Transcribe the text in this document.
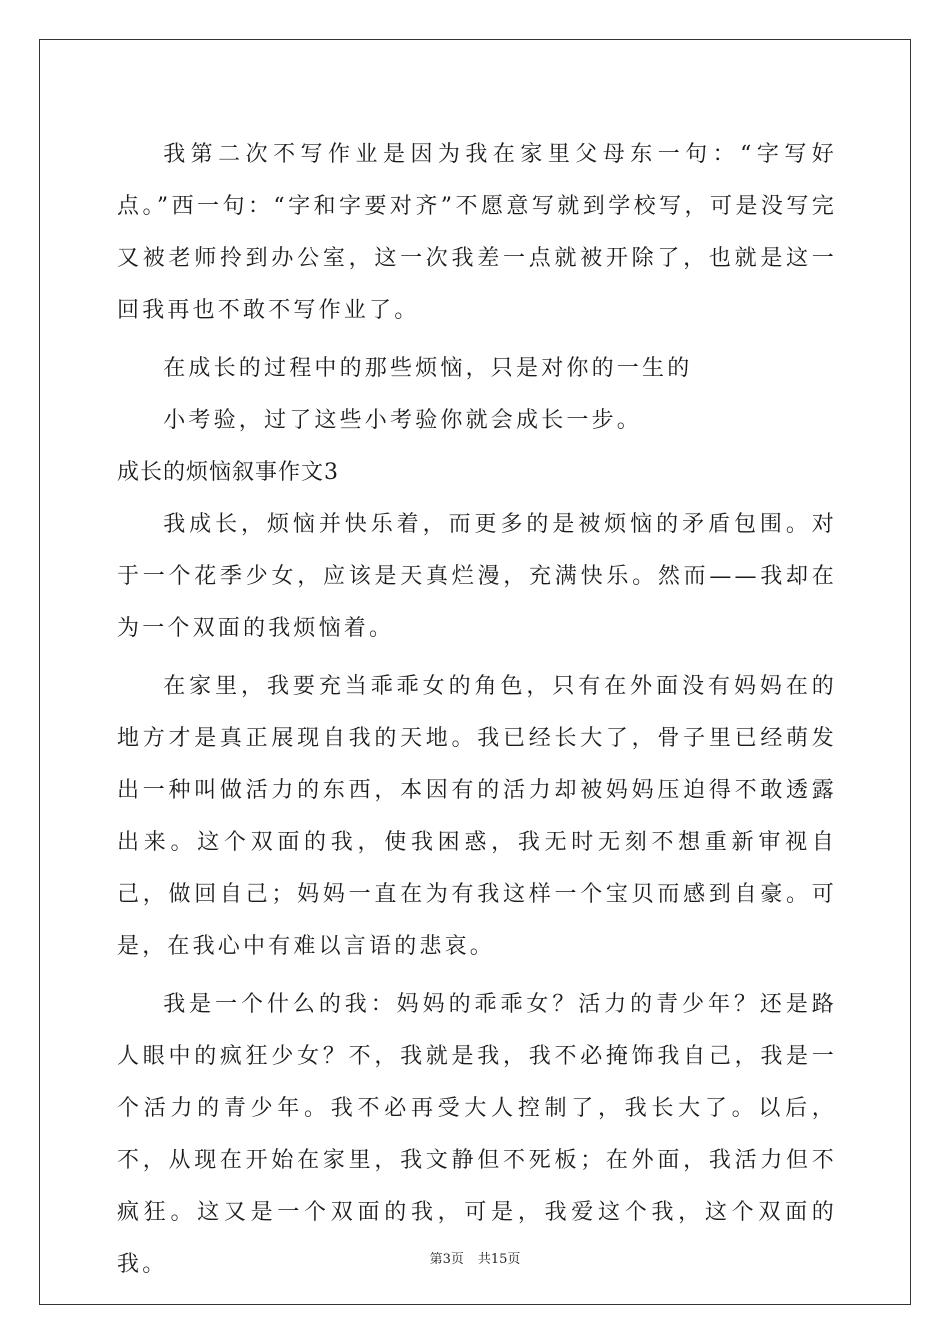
我第二次不写作业是因为我在家里父母东一句：“字写好点。”西一句：“字和字要对齐”不愿意写就到学校写，可是没写完又被老师拎到办公室，这一次我差一点就被开除了，也就是这一回我再也不敢不写作业了。

在成长的过程中的那些烦恼，只是对你的一生的

小考验，过了这些小考验你就会成长一步。

成长的烦恼叙事作文3

我成长，烦恼并快乐着，而更多的是被烦恼的矛盾包围。对于一个花季少女，应该是天真烂漫，充满快乐。然而——我却在为一个双面的我烦恼着。

在家里，我要充当乖乖女的角色，只有在外面没有妈妈在的地方才是真正展现自我的天地。我已经长大了，骨子里已经萌发出一种叫做活力的东西，本因有的活力却被妈妈压迫得不敢透露出来。这个双面的我，使我困惑，我无时无刻不想重新审视自己，做回自己；妈妈一直在为有我这样一个宝贝而感到自豪。可是，在我心中有难以言语的悲哀。

我是一个什么的我：妈妈的乖乖女？活力的青少年？还是路人眼中的疯狂少女？不，我就是我，我不必掩饰我自己，我是一个活力的青少年。我不必再受大人控制了，我长大了。以后，不，从现在开始在家里，我文静但不死板；在外面，我活力但不疯狂。这又是一个双面的我，可是，我爱这个我，这个双面的我。	第3页 共15页
